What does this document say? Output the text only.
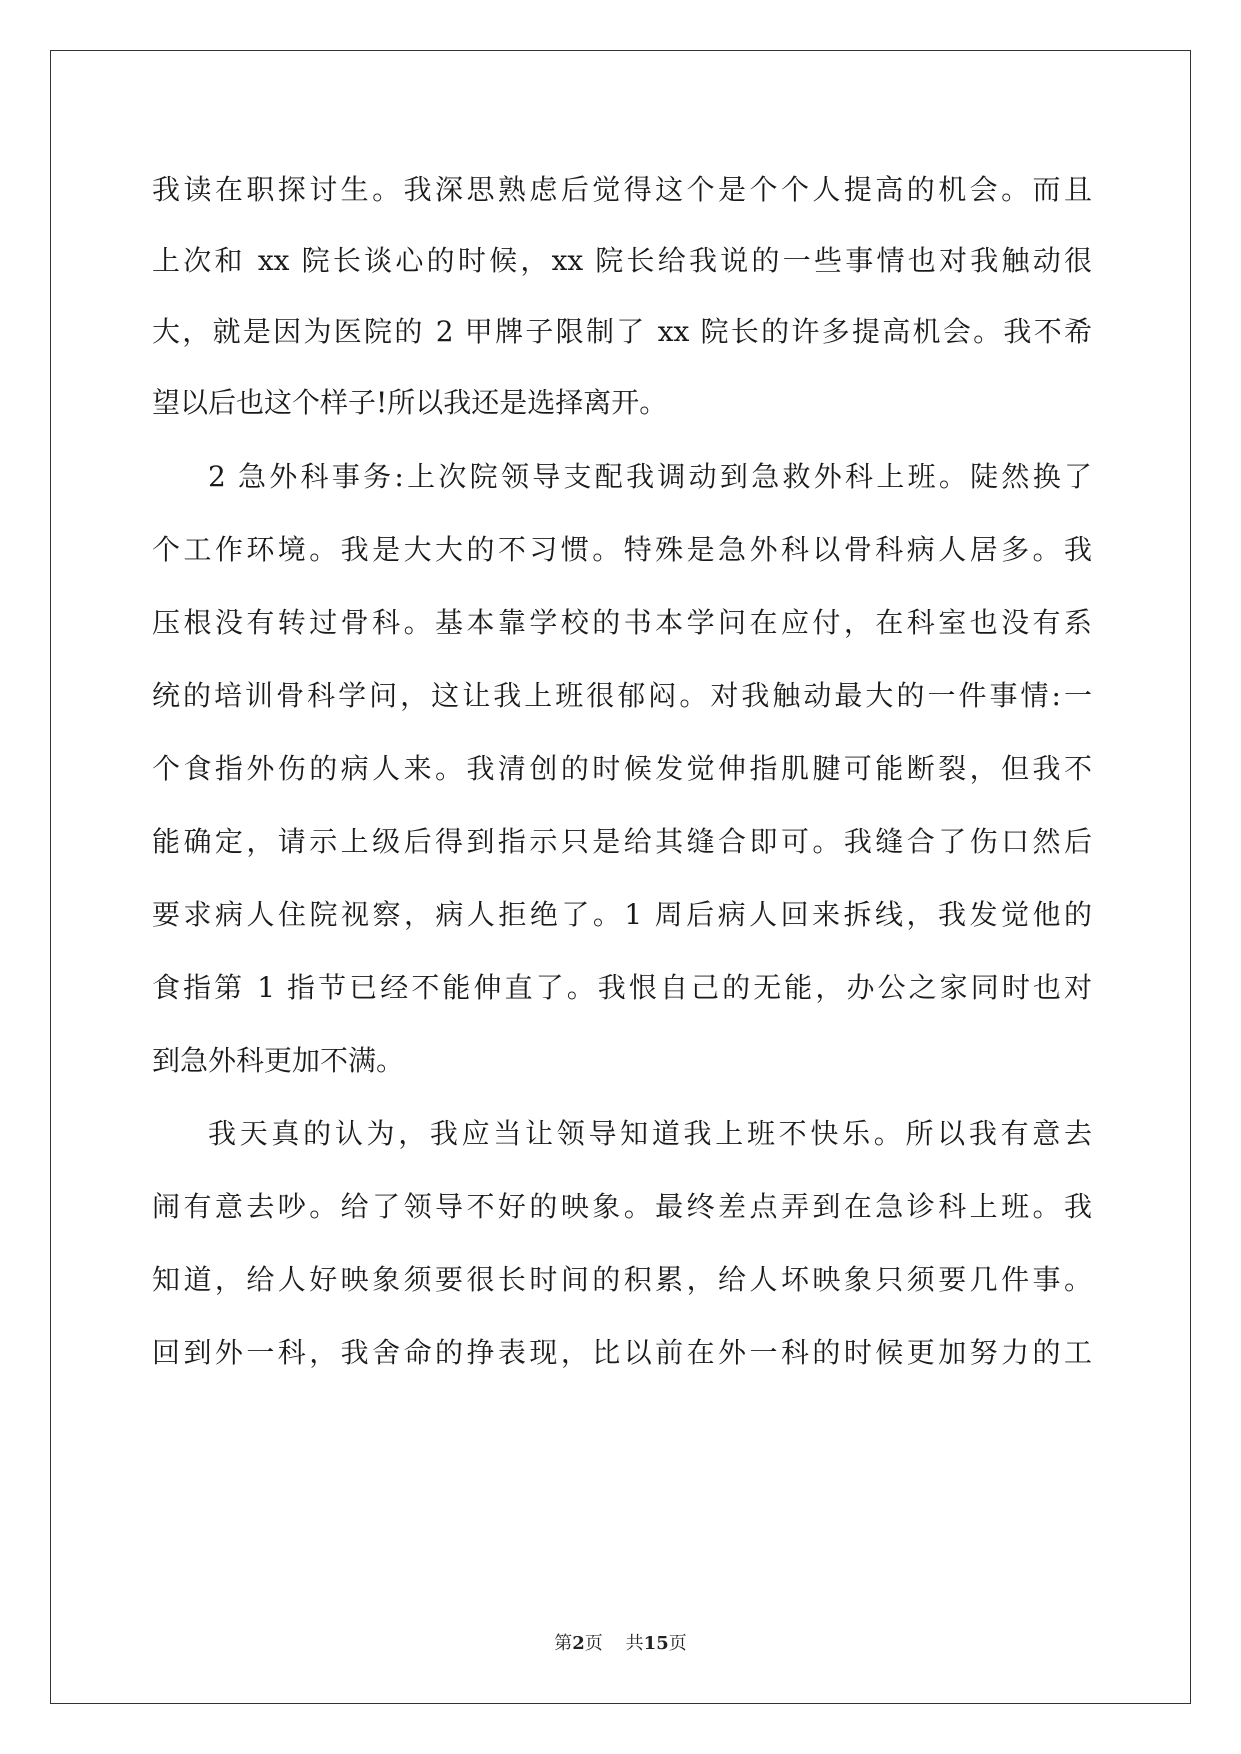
我读在职探讨生。我深思熟虑后觉得这个是个个人提高的机会。而且
上次和 xx 院长谈心的时候，xx 院长给我说的一些事情也对我触动很
大，就是因为医院的 2 甲牌子限制了 xx 院长的许多提高机会。我不希
望以后也这个样子!所以我还是选择离开。
2 急外科事务:上次院领导支配我调动到急救外科上班。陡然换了
个工作环境。我是大大的不习惯。特殊是急外科以骨科病人居多。我
压根没有转过骨科。基本靠学校的书本学问在应付，在科室也没有系
统的培训骨科学问，这让我上班很郁闷。对我触动最大的一件事情:一
个食指外伤的病人来。我清创的时候发觉伸指肌腱可能断裂，但我不
能确定，请示上级后得到指示只是给其缝合即可。我缝合了伤口然后
要求病人住院视察，病人拒绝了。1 周后病人回来拆线，我发觉他的
食指第 1 指节已经不能伸直了。我恨自己的无能，办公之家同时也对
到急外科更加不满。
我天真的认为，我应当让领导知道我上班不快乐。所以我有意去
闹有意去吵。给了领导不好的映象。最终差点弄到在急诊科上班。我
知道，给人好映象须要很长时间的积累，给人坏映象只须要几件事。
回到外一科，我舍命的挣表现，比以前在外一科的时候更加努力的工
第2页 共15页
